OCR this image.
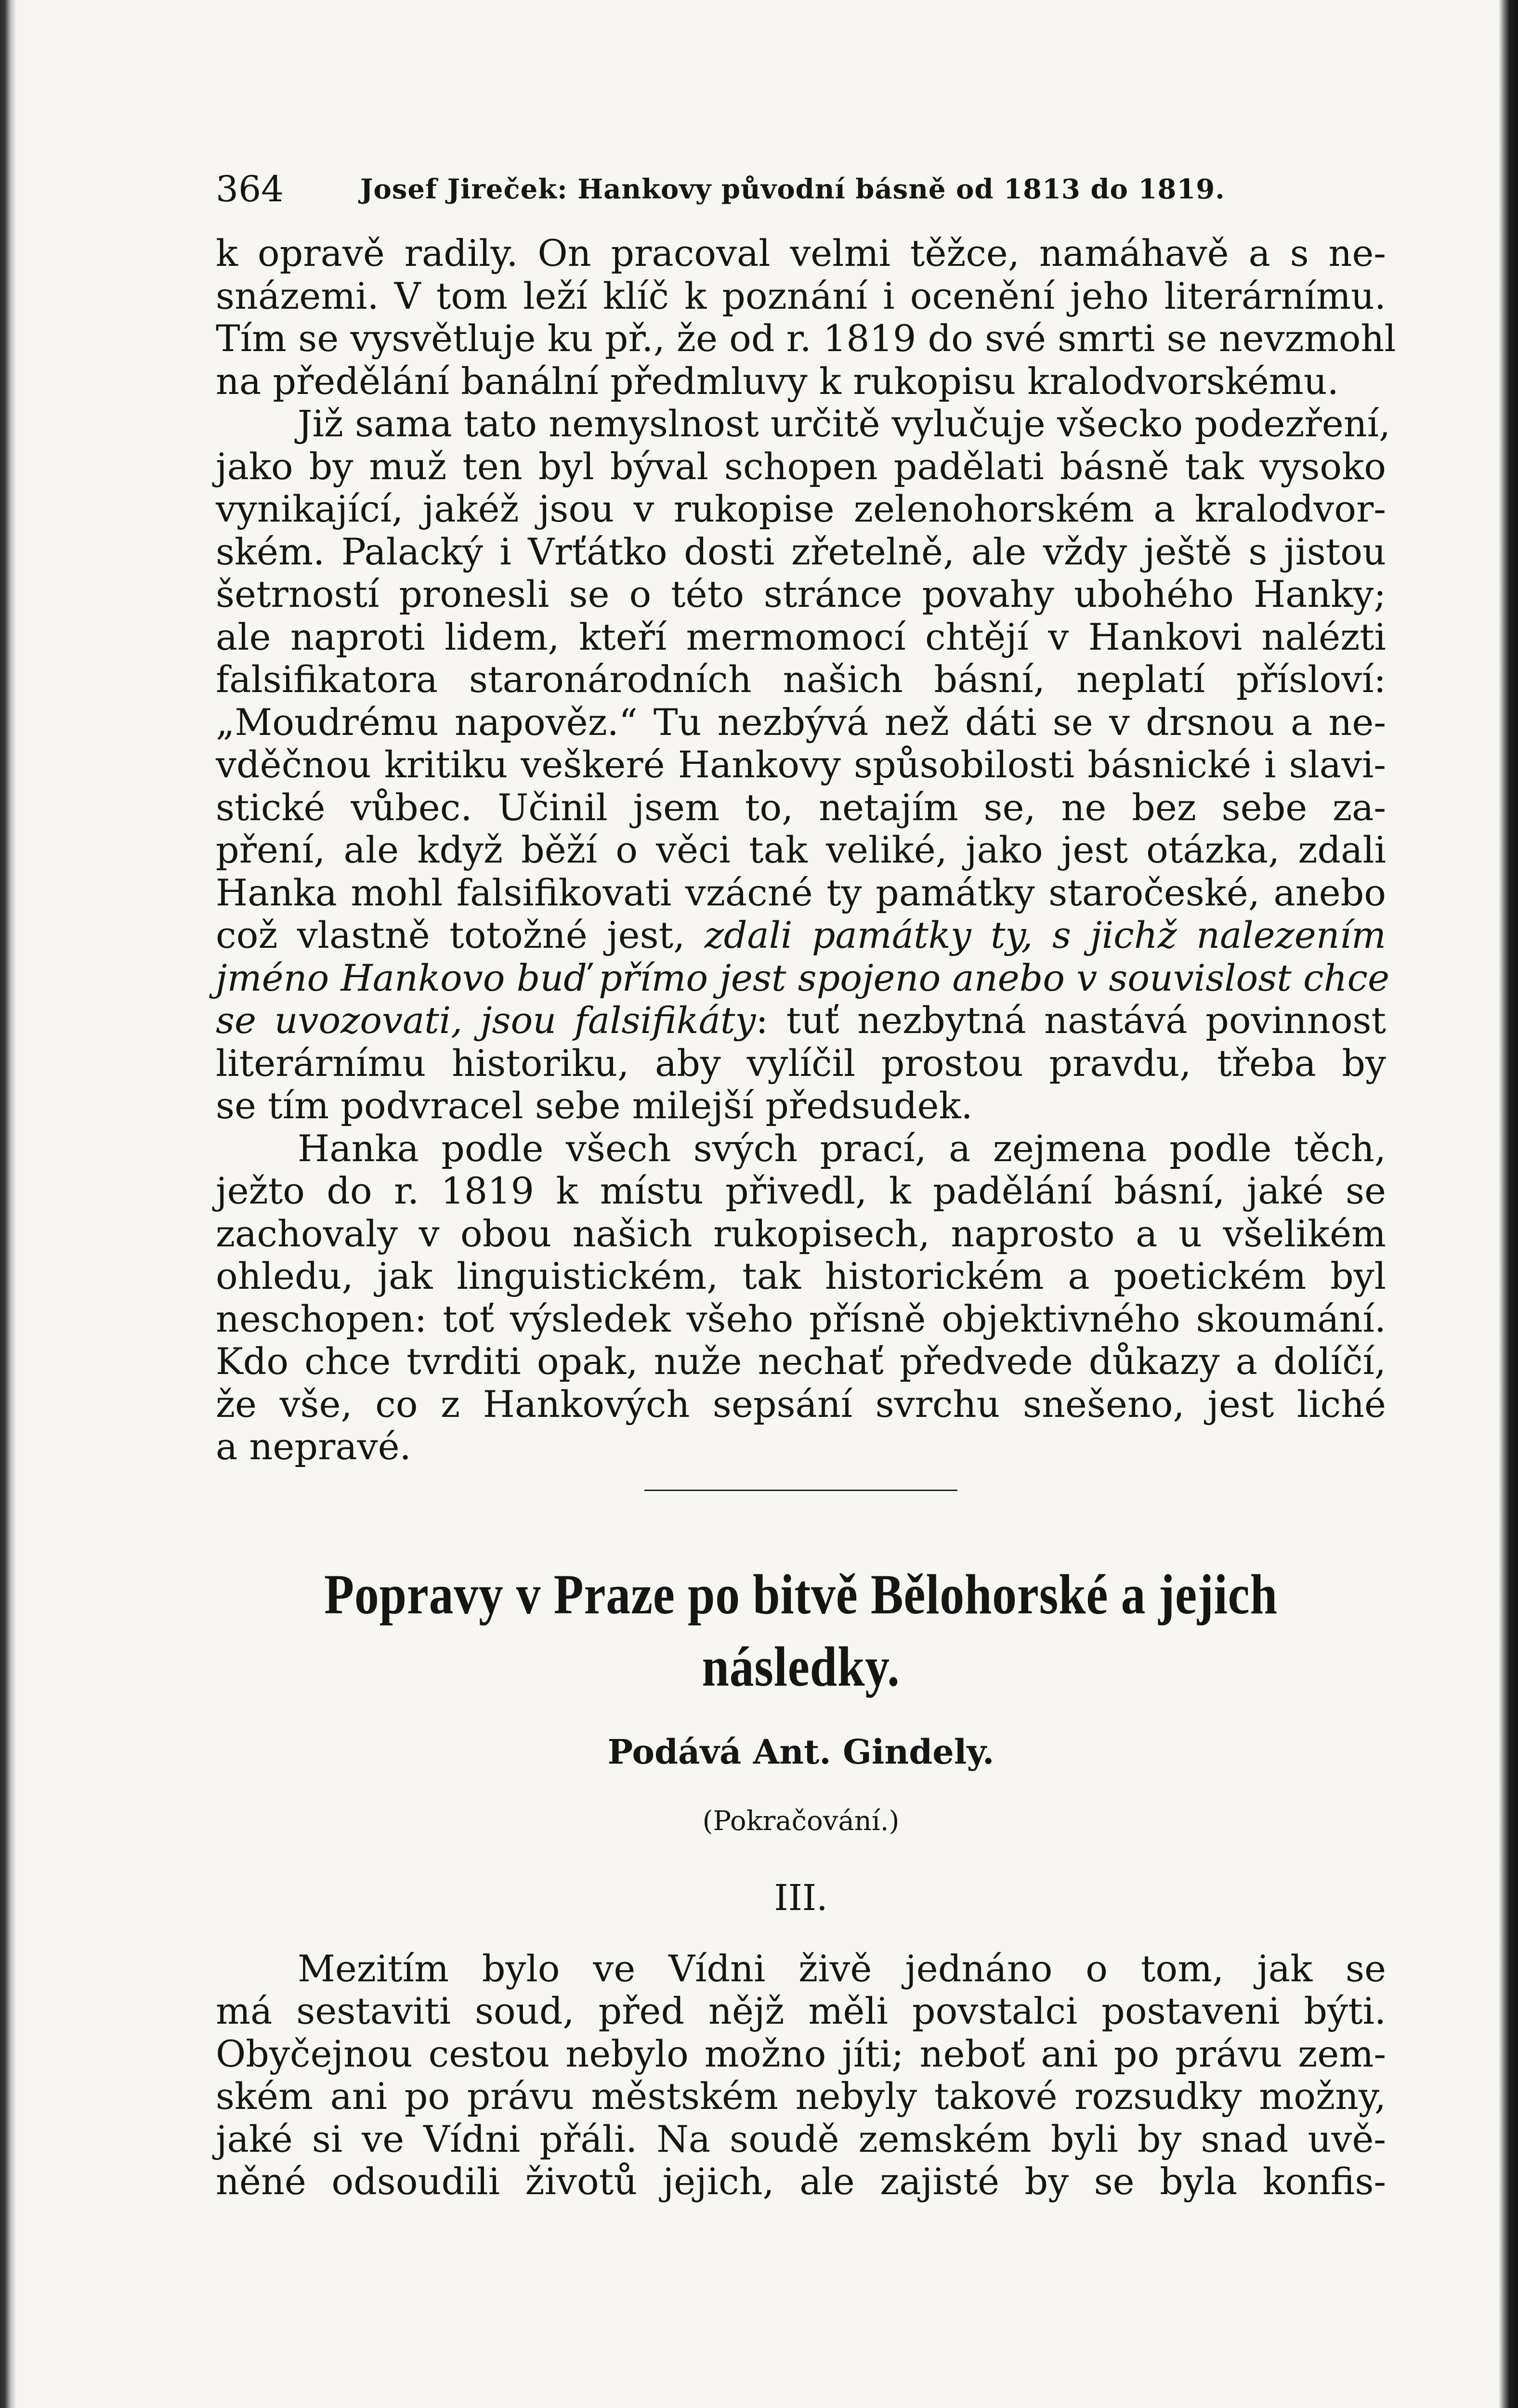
364	Josef Jireček: Hankovy původní básně od 1813 do 1819.
k opravě radily. On pracoval velmi těžce, namáhavě a s ne-
snázemi. V tom leží klíč k poznání i ocenění jeho literárnímu.
Tím se vysvětluje ku př., že od r. 1819 do své smrti se nevzmohl
na předělání banální předmluvy k rukopisu kralodvorskému.
Již sama tato nemyslnost určitě vylučuje všecko podezření,
jako by muž ten byl býval schopen padělati básně tak vysoko
vynikající, jakéž jsou v rukopise zelenohorském a kralodvor-
ském. Palacký i Vrťátko dosti zřetelně, ale vždy ještě s jistou
šetrností pronesli se o této stránce povahy ubohého Hanky;
ale naproti lidem, kteří mermomocí chtějí v Hankovi nalézti
falsifikatora staronárodních našich básní, neplatí přísloví:
„Moudrému napověz.“ Tu nezbývá než dáti se v drsnou a ne-
vděčnou kritiku veškeré Hankovy spůsobilosti básnické i slavi-
stické vůbec. Učinil jsem to, netajím se, ne bez sebe za-
pření, ale když běží o věci tak veliké, jako jest otázka, zdali
Hanka mohl falsifikovati vzácné ty památky staročeské, anebo
což vlastně totožné jest, zdali památky ty, s jichž nalezením
jméno Hankovo buď přímo jest spojeno anebo v souvislost chce
se uvozovati, jsou falsifikáty: tuť nezbytná nastává povinnost
literárnímu historiku, aby vylíčil prostou pravdu, třeba by
se tím podvracel sebe milejší předsudek.
Hanka podle všech svých prací, a zejmena podle těch,
ježto do r. 1819 k místu přivedl, k padělání básní, jaké se
zachovaly v obou našich rukopisech, naprosto a u všelikém
ohledu, jak linguistickém, tak historickém a poetickém byl
neschopen: toť výsledek všeho přísně objektivného skoumání.
Kdo chce tvrditi opak, nuže nechať předvede důkazy a dolíčí,
že vše, co z Hankových sepsání svrchu snešeno, jest liché
a nepravé.
Popravy v Praze po bitvě Bělohorské a jejich
následky.
Podává Ant. Gindely.
(Pokračování.)
III.
Mezitím bylo ve Vídni živě jednáno o tom, jak se
má sestaviti soud, před nějž měli povstalci postaveni býti.
Obyčejnou cestou nebylo možno jíti; neboť ani po právu zem-
ském ani po právu městském nebyly takové rozsudky možny,
jaké si ve Vídni přáli. Na soudě zemském byli by snad uvě-
něné odsoudili životů jejich, ale zajisté by se byla konfis-
